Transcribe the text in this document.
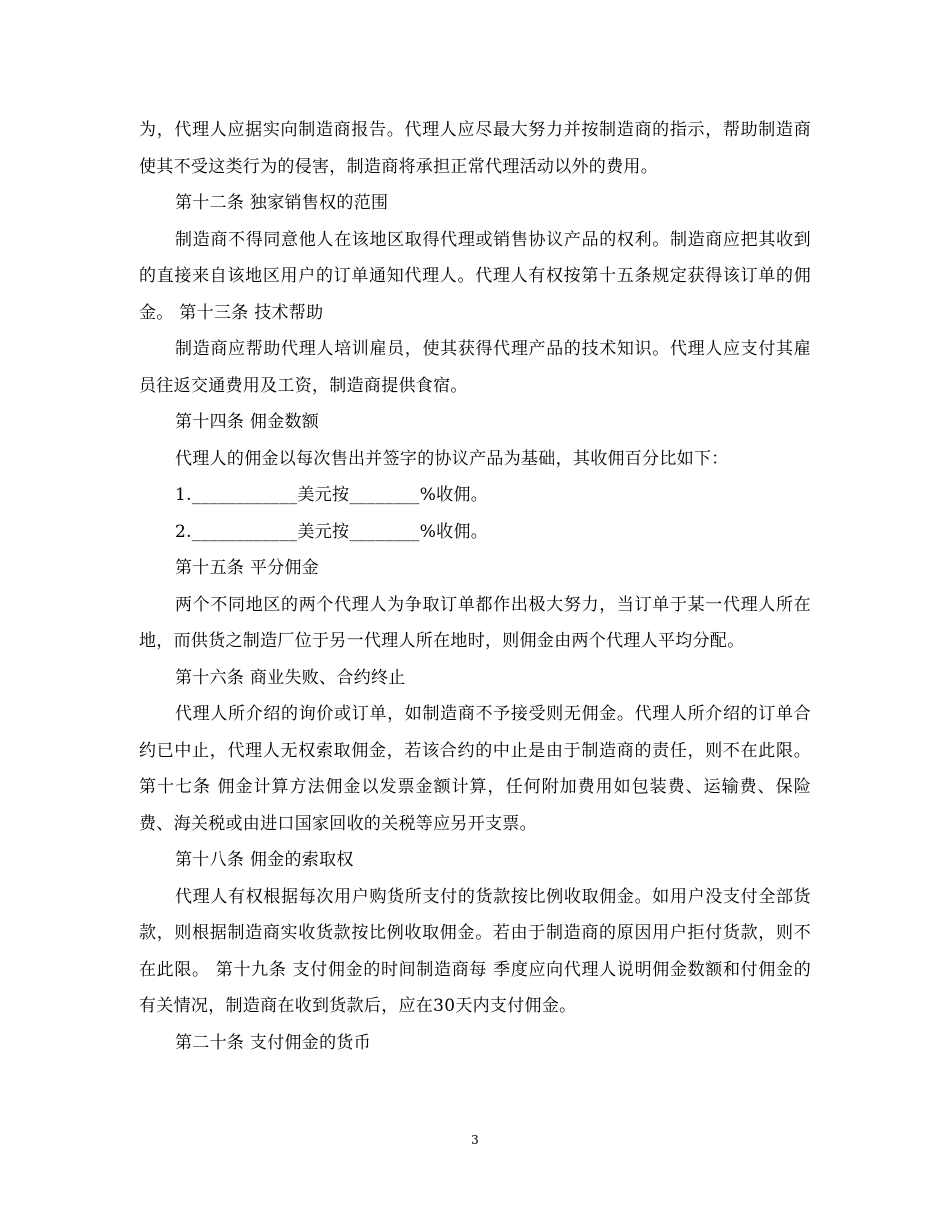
为，代理人应据实向制造商报告。代理人应尽最大努力并按制造商的指示，帮助制造商使其不受这类行为的侵害，制造商将承担正常代理活动以外的费用。

第十二条 独家销售权的范围

制造商不得同意他人在该地区取得代理或销售协议产品的权利。制造商应把其收到的直接来自该地区用户的订单通知代理人。代理人有权按第十五条规定获得该订单的佣金。 第十三条 技术帮助

制造商应帮助代理人培训雇员，使其获得代理产品的技术知识。代理人应支付其雇员往返交通费用及工资，制造商提供食宿。

第十四条 佣金数额

代理人的佣金以每次售出并签字的协议产品为基础，其收佣百分比如下：

1.____________美元按________%收佣。

2.____________美元按________%收佣。

第十五条 平分佣金

两个不同地区的两个代理人为争取订单都作出极大努力，当订单于某一代理人所在地，而供货之制造厂位于另一代理人所在地时，则佣金由两个代理人平均分配。

第十六条 商业失败、合约终止

代理人所介绍的询价或订单，如制造商不予接受则无佣金。代理人所介绍的订单合约已中止，代理人无权索取佣金，若该合约的中止是由于制造商的责任，则不在此限。 第十七条 佣金计算方法佣金以发票金额计算，任何附加费用如包装费、运输费、保险费、海关税或由进口国家回收的关税等应另开支票。

第十八条 佣金的索取权

代理人有权根据每次用户购货所支付的货款按比例收取佣金。如用户没支付全部货款，则根据制造商实收货款按比例收取佣金。若由于制造商的原因用户拒付货款，则不在此限。 第十九条 支付佣金的时间制造商每 季度应向代理人说明佣金数额和付佣金的有关情况，制造商在收到货款后，应在30天内支付佣金。

第二十条 支付佣金的货币

3
